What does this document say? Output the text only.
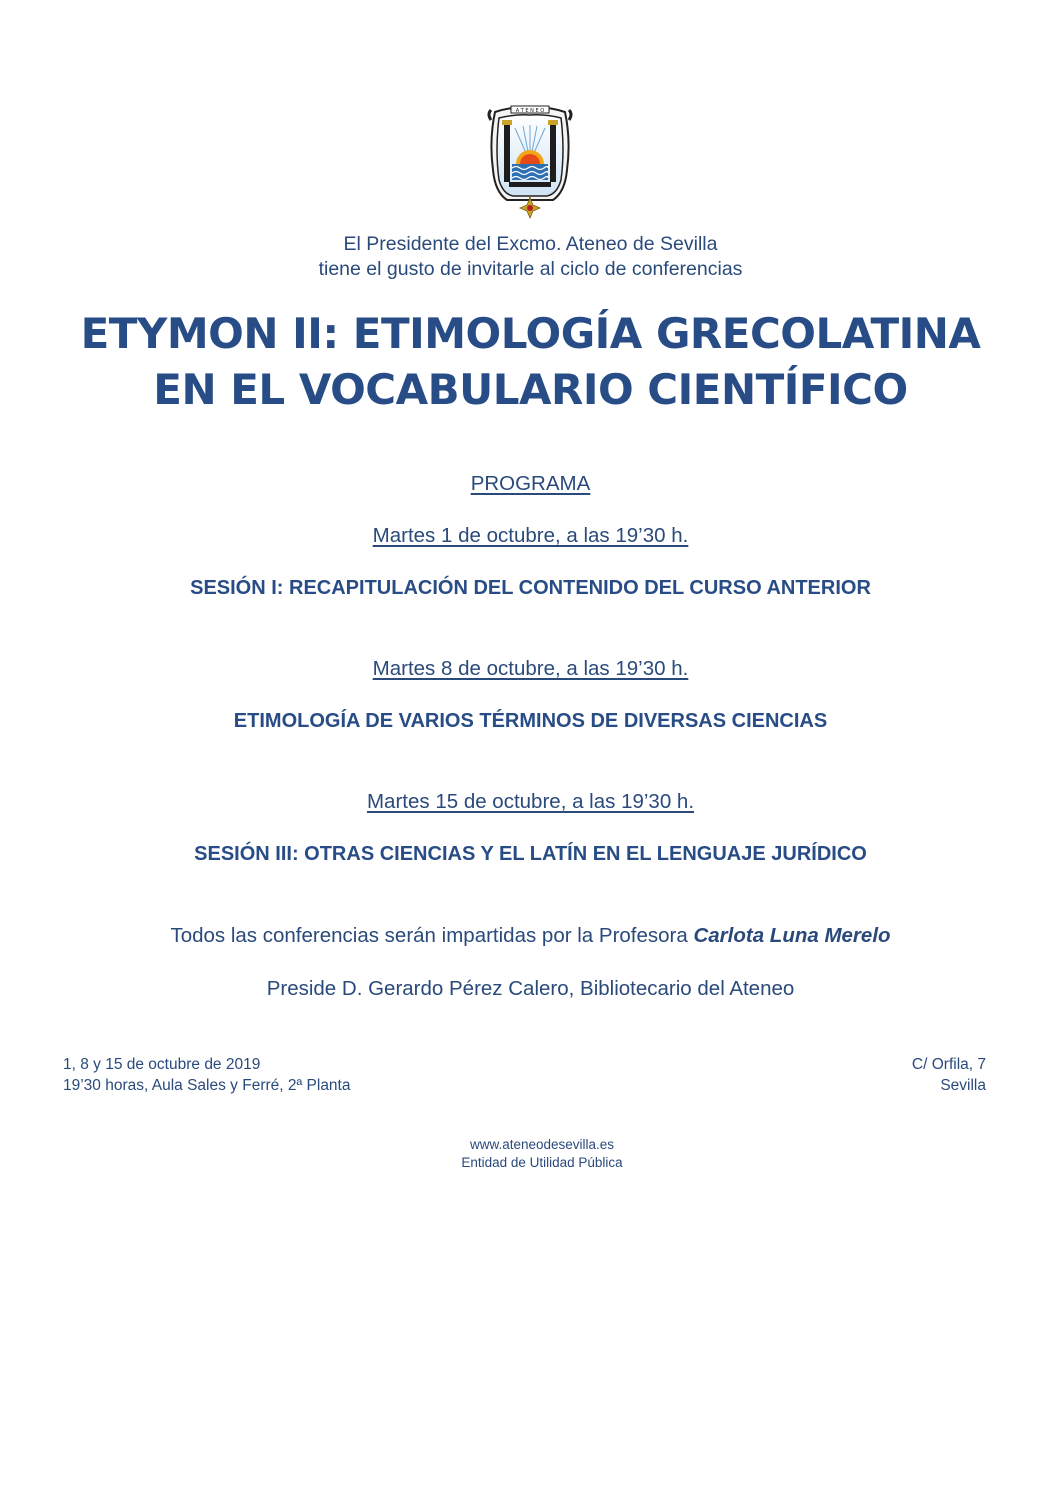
A T E N E O
El Presidente del Excmo. Ateneo de Sevilla
tiene el gusto de invitarle al ciclo de conferencias
ETYMON II: ETIMOLOGÍA GRECOLATINA
EN EL VOCABULARIO CIENTÍFICO
PROGRAMA
Martes 1 de octubre, a las 19’30 h.
SESIÓN I: RECAPITULACIÓN DEL CONTENIDO DEL CURSO ANTERIOR
Martes 8 de octubre, a las 19’30 h.
ETIMOLOGÍA DE VARIOS TÉRMINOS DE DIVERSAS CIENCIAS
Martes 15 de octubre, a las 19’30 h.
SESIÓN III: OTRAS CIENCIAS Y EL LATÍN EN EL LENGUAJE JURÍDICO
Todos las conferencias serán impartidas por la Profesora Carlota Luna Merelo
Preside D. Gerardo Pérez Calero, Bibliotecario del Ateneo
1, 8 y 15 de octubre de 2019
19’30 horas, Aula Sales y Ferré, 2ª Planta
C/ Orfila, 7
Sevilla
www.ateneodesevilla.es
Entidad de Utilidad Pública
